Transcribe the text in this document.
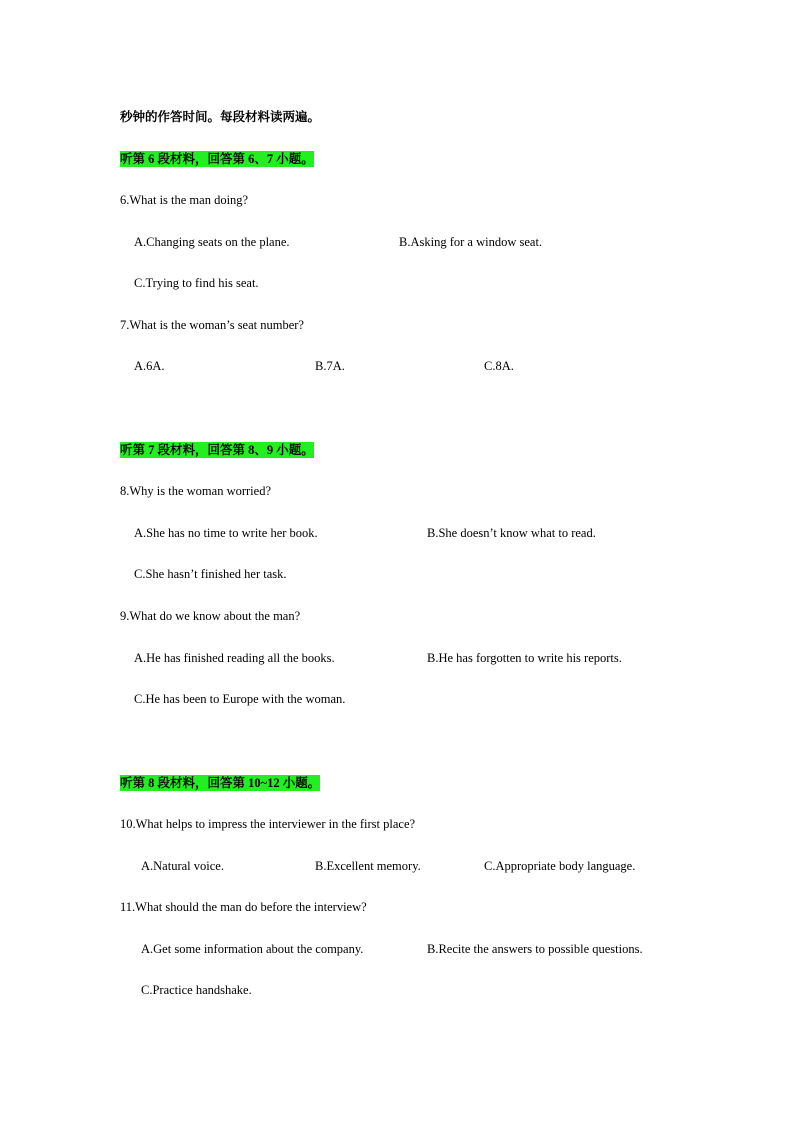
秒钟的作答时间。每段材料读两遍。
听第 6 段材料，回答第 6、7 小题。
6.What is the man doing?
A.Changing seats on the plane.	B.Asking for a window seat.
C.Trying to find his seat.
7.What is the woman’s seat number?
A.6A.	B.7A.	C.8A.
听第 7 段材料，回答第 8、9 小题。
8.Why is the woman worried?
A.She has no time to write her book.	B.She doesn’t know what to read.
C.She hasn’t finished her task.
9.What do we know about the man?
A.He has finished reading all the books.	B.He has forgotten to write his reports.
C.He has been to Europe with the woman.
听第 8 段材料，回答第 10~12 小题。
10.What helps to impress the interviewer in the first place?
A.Natural voice.	B.Excellent memory.	C.Appropriate body language.
11.What should the man do before the interview?
A.Get some information about the company.	B.Recite the answers to possible questions.
C.Practice handshake.
